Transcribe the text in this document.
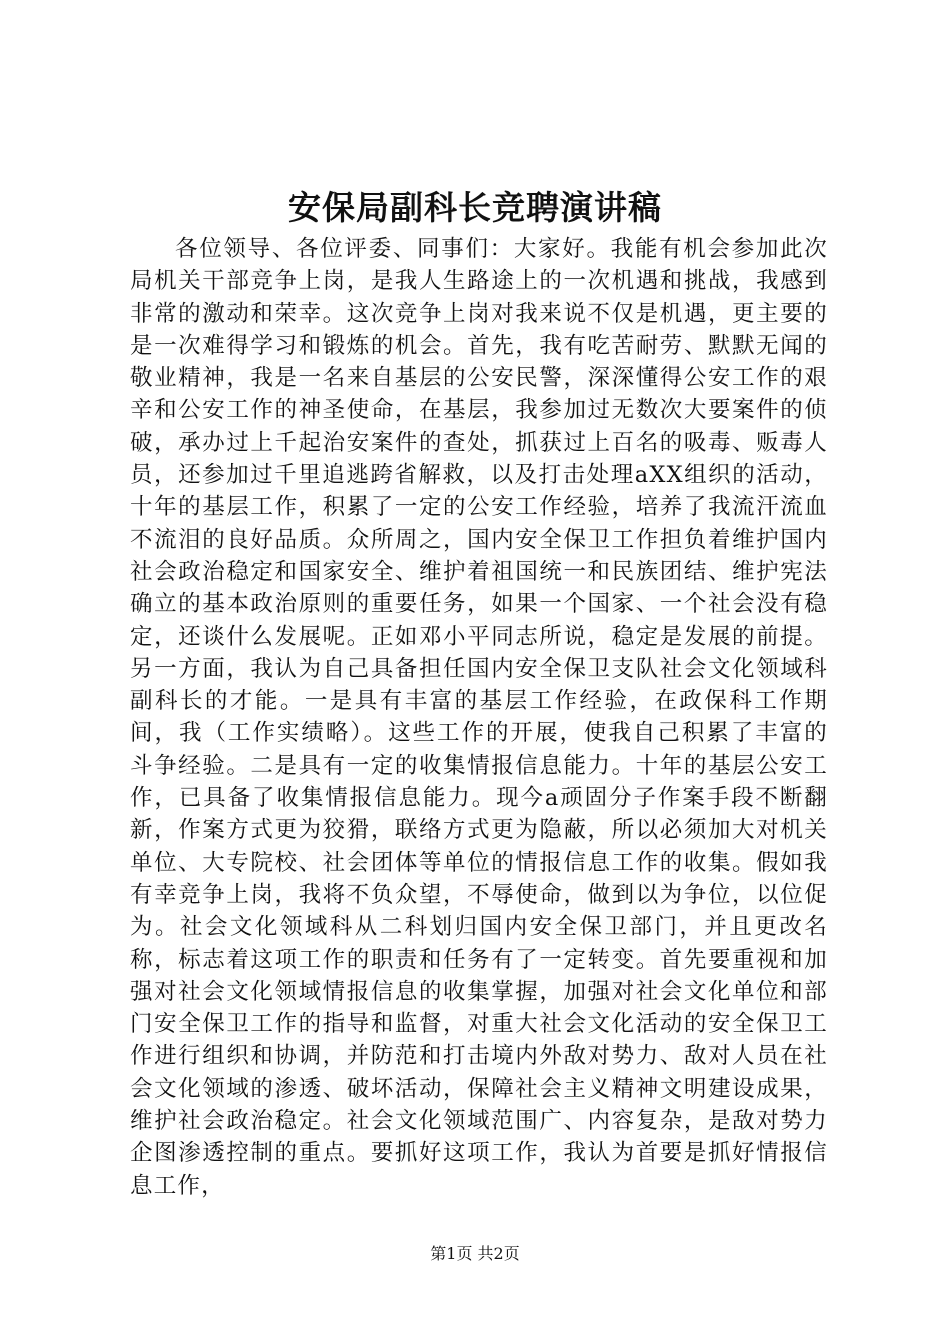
安保局副科长竞聘演讲稿

各位领导、各位评委、同事们：大家好。我能有机会参加此次局机关干部竞争上岗，是我人生路途上的一次机遇和挑战，我感到非常的激动和荣幸。这次竞争上岗对我来说不仅是机遇，更主要的是一次难得学习和锻炼的机会。首先，我有吃苦耐劳、默默无闻的敬业精神，我是一名来自基层的公安民警，深深懂得公安工作的艰辛和公安工作的神圣使命，在基层，我参加过无数次大要案件的侦破，承办过上千起治安案件的查处，抓获过上百名的吸毒、贩毒人员，还参加过千里追逃跨省解救，以及打击处理aXX组织的活动，十年的基层工作，积累了一定的公安工作经验，培养了我流汗流血不流泪的良好品质。众所周之，国内安全保卫工作担负着维护国内社会政治稳定和国家安全、维护着祖国统一和民族团结、维护宪法确立的基本政治原则的重要任务，如果一个国家、一个社会没有稳定，还谈什么发展呢。正如邓小平同志所说，稳定是发展的前提。另一方面，我认为自己具备担任国内安全保卫支队社会文化领域科副科长的才能。一是具有丰富的基层工作经验，在政保科工作期间，我（工作实绩略）。这些工作的开展，使我自己积累了丰富的斗争经验。二是具有一定的收集情报信息能力。十年的基层公安工作，已具备了收集情报信息能力。现今a顽固分子作案手段不断翻新，作案方式更为狡猾，联络方式更为隐蔽，所以必须加大对机关单位、大专院校、社会团体等单位的情报信息工作的收集。假如我有幸竞争上岗，我将不负众望，不辱使命，做到以为争位，以位促为。社会文化领域科从二科划归国内安全保卫部门，并且更改名称，标志着这项工作的职责和任务有了一定转变。首先要重视和加强对社会文化领域情报信息的收集掌握，加强对社会文化单位和部门安全保卫工作的指导和监督，对重大社会文化活动的安全保卫工作进行组织和协调，并防范和打击境内外敌对势力、敌对人员在社会文化领域的渗透、破坏活动，保障社会主义精神文明建设成果，维护社会政治稳定。社会文化领域范围广、内容复杂，是敌对势力企图渗透控制的重点。要抓好这项工作，我认为首要是抓好情报信息工作，

第1页 共2页
